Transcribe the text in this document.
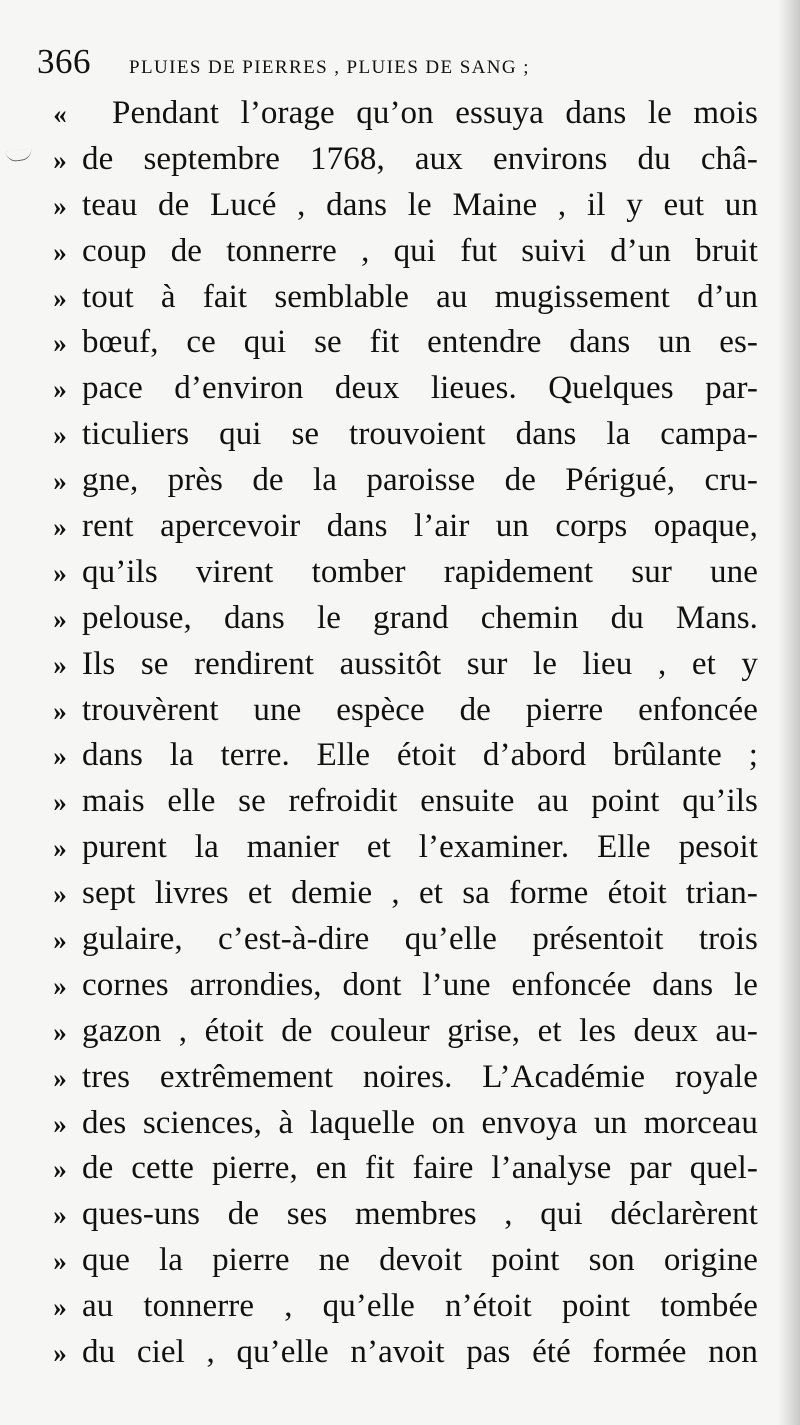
366 PLUIES DE PIERRES , PLUIES DE SANG ;
«	Pendant l’orage qu’on essuya dans le mois
» de septembre 1768, aux environs du châ-
» teau de Lucé , dans le Maine , il y eut un
» coup de tonnerre , qui fut suivi d’un bruit
» tout à fait semblable au mugissement d’un
» bœuf, ce qui se fit entendre dans un es-
» pace d’environ deux lieues. Quelques par-
» ticuliers qui se trouvoient dans la campa-
» gne, près de la paroisse de Périgué, cru-
» rent apercevoir dans l’air un corps opaque,
» qu’ils virent tomber rapidement sur une
» pelouse, dans le grand chemin du Mans.
» Ils se rendirent aussitôt sur le lieu , et y
» trouvèrent une espèce de pierre enfoncée
» dans la terre. Elle étoit d’abord brûlante ;
» mais elle se refroidit ensuite au point qu’ils
» purent la manier et l’examiner. Elle pesoit
» sept livres et demie , et sa forme étoit trian-
» gulaire, c’est-à-dire qu’elle présentoit trois
» cornes arrondies, dont l’une enfoncée dans le
» gazon , étoit de couleur grise, et les deux au-
» tres extrêmement noires. L’Académie royale
» des sciences, à laquelle on envoya un morceau
» de cette pierre, en fit faire l’analyse par quel-
» ques-uns de ses membres , qui déclarèrent
» que la pierre ne devoit point son origine
» au tonnerre , qu’elle n’étoit point tombée
» du ciel , qu’elle n’avoit pas été formée non
